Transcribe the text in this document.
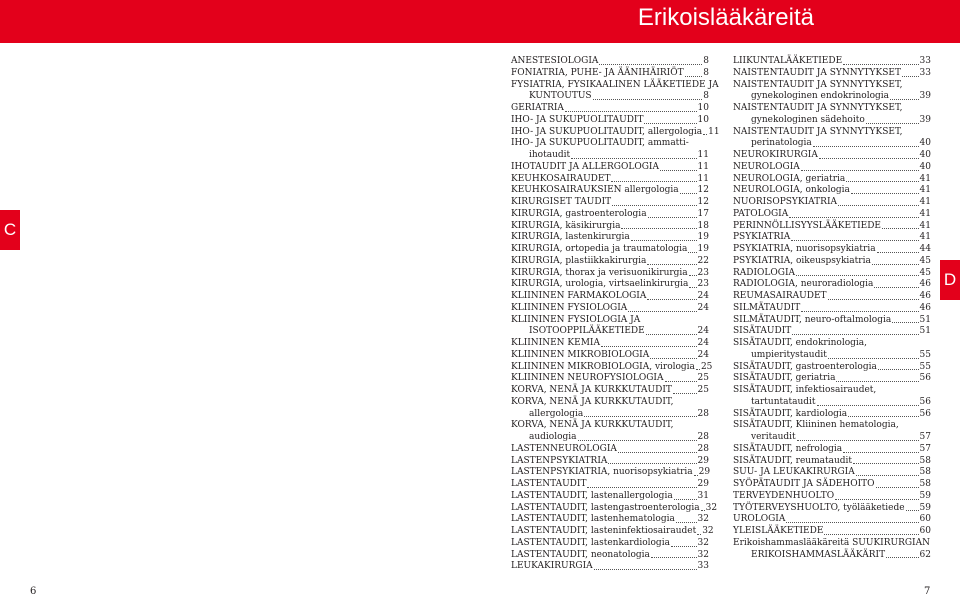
Erikoislääkäreitä
ANESTESIOLOGIA	8
FONIATRIA, PUHE- JA ÄÄNIHÄIRIÖT 8
FYSIATRIA, FYSIKAALINEN LÄÄKETIEDE JA
KUNTOUTUS	8
GERIATRIA	10
IHO- JA SUKUPUOLITAUDIT	10
IHO- JA SUKUPUOLITAUDIT, allergologia 11
IHO- JA SUKUPUOLITAUDIT, ammatti-
ihotaudit	11
IHOTAUDIT JA ALLERGOLOGIA	11
KEUHKOSAIRAUDET	11
KEUHKOSAIRAUKSIEN allergologia 12
KIRURGISET TAUDIT	12
KIRURGIA, gastroenterologia	17
KIRURGIA, käsikirurgia	18
KIRURGIA, lastenkirurgia	19
KIRURGIA, ortopedia ja traumatologia 19
KIRURGIA, plastiikkakirurgia	22
KIRURGIA, thorax ja verisuonikirurgia 23
KIRURGIA, urologia, virtsaelinkirurgia 23
KLIININEN FARMAKOLOGIA	24
KLIININEN FYSIOLOGIA	24
KLIININEN FYSIOLOGIA JA
ISOTOOPPILÄÄKETIEDE	24
KLIININEN KEMIA	24
KLIININEN MIKROBIOLOGIA	24
KLIININEN MIKROBIOLOGIA, virologia 25
KLIININEN NEUROFYSIOLOGIA	25
KORVA, NENÄ JA KURKKUTAUDIT	25
KORVA, NENÄ JA KURKKUTAUDIT,
allergologia	28
KORVA, NENÄ JA KURKKUTAUDIT,
audiologia	28
LASTENNEUROLOGIA	28
LASTENPSYKIATRIA	29
LASTENPSYKIATRIA, nuorisopsykiatria 29
LASTENTAUDIT	29
LASTENTAUDIT, lastenallergologia	31
LASTENTAUDIT, lastengastroenterologia 32
LASTENTAUDIT, lastenhematologia	32
LASTENTAUDIT, lasteninfektiosairaudet 32
LASTENTAUDIT, lastenkardiologia	32
LASTENTAUDIT, neonatologia	32
LEUKAKIRURGIA	33
LIIKUNTALÄÄKETIEDE	33
NAISTENTAUDIT JA SYNNYTYKSET 33
NAISTENTAUDIT JA SYNNYTYKSET,
gynekologinen endokrinologia	39
NAISTENTAUDIT JA SYNNYTYKSET,
gynekologinen sädehoito	39
NAISTENTAUDIT JA SYNNYTYKSET,
perinatologia	40
NEUROKIRURGIA	40
NEUROLOGIA	40
NEUROLOGIA, geriatria	41
NEUROLOGIA, onkologia	41
NUORISOPSYKIATRIA	41
PATOLOGIA	41
PERINNÖLLISYYSLÄÄKETIEDE	41
PSYKIATRIA	41
PSYKIATRIA, nuorisopsykiatria	44
PSYKIATRIA, oikeuspsykiatria	45
RADIOLOGIA	45
RADIOLOGIA, neuroradiologia	46
REUMASAIRAUDET	46
SILMÄTAUDIT	46
SILMÄTAUDIT, neuro-oftalmologia	51
SISÄTAUDIT	51
SISÄTAUDIT, endokrinologia,
umpieritystaudit	55
SISÄTAUDIT, gastroenterologia	55
SISÄTAUDIT, geriatria	56
SISÄTAUDIT, infektiosairaudet,
tartuntataudit	56
SISÄTAUDIT, kardiologia	56
SISÄTAUDIT, Kliininen hematologia,
veritaudit	57
SISÄTAUDIT, nefrologia	57
SISÄTAUDIT, reumataudit	58
SUU- JA LEUKAKIRURGIA	58
SYÖPÄTAUDIT JA SÄDEHOITO	58
TERVEYDENHUOLTO	59
TYÖTERVEYSHUOLTO, työlääketiede 59
UROLOGIA	60
YLEISLÄÄKETIEDE	60
Erikoishammaslääkäreitä SUUKIRURGIAN
ERIKOISHAMMASLÄÄKÄRIT	62
C
D
6	7
